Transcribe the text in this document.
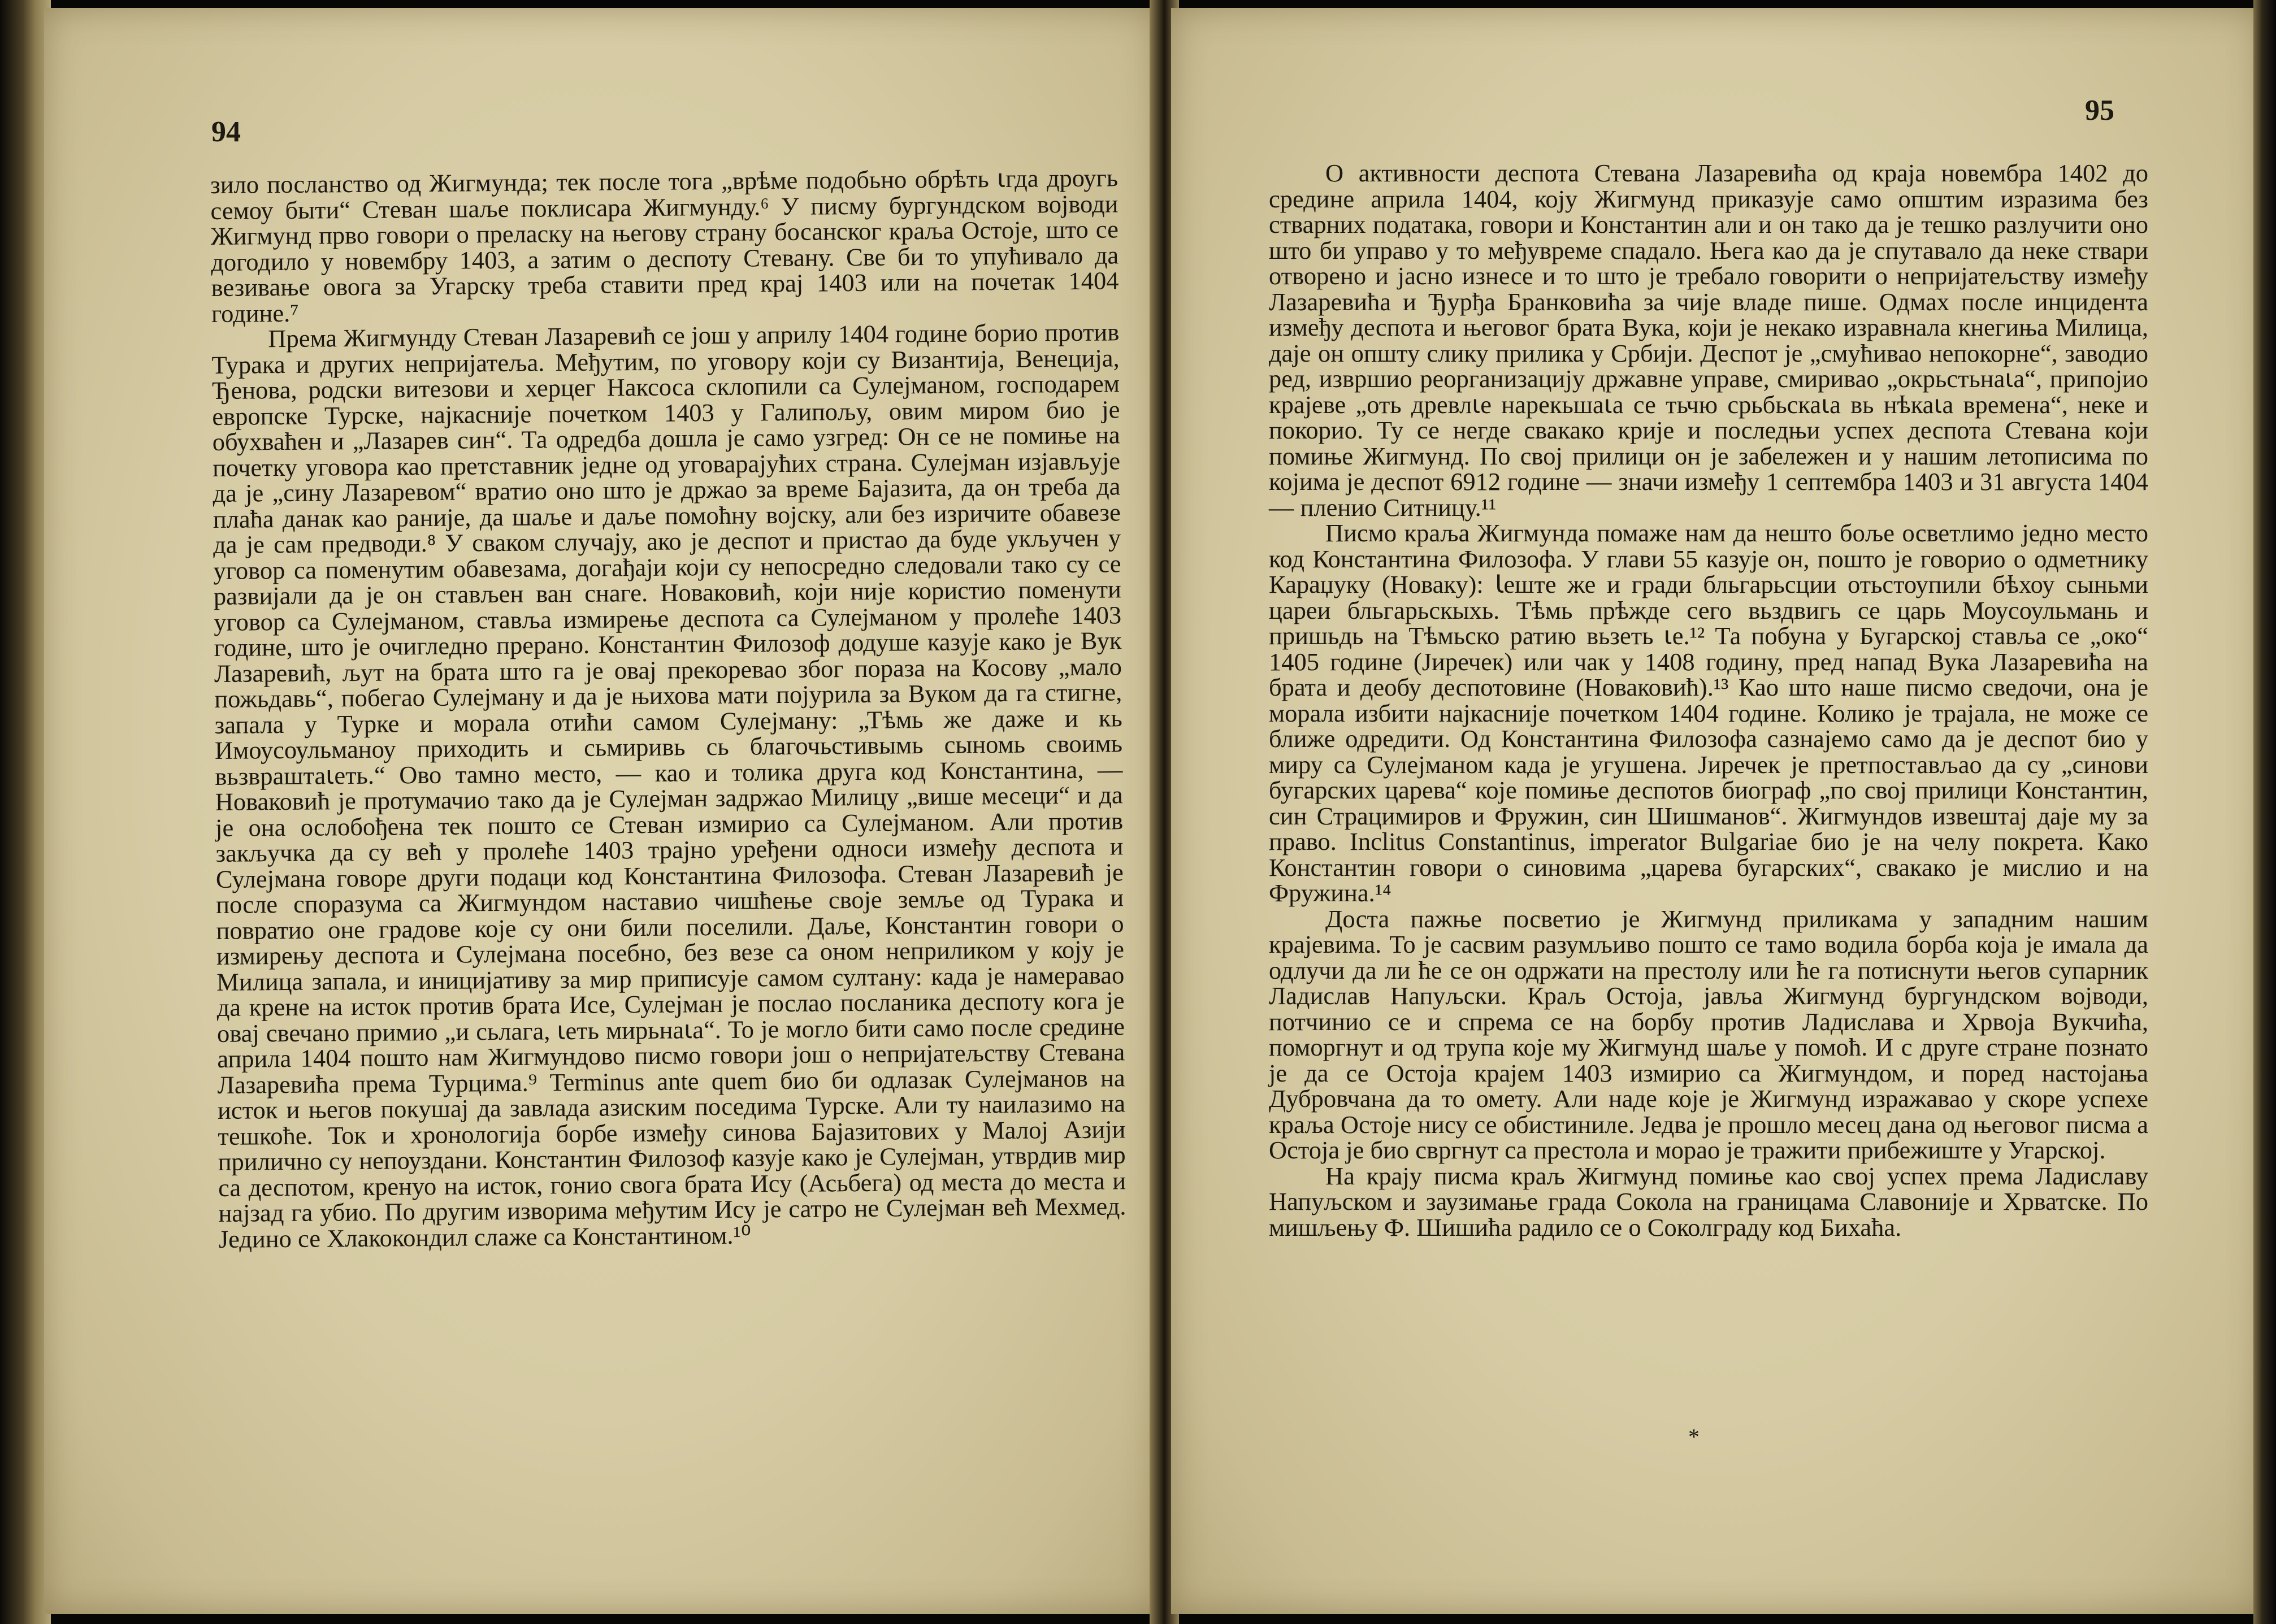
94

зило посланство од Жигмунда; тек после тога „врѣме подобьно обрѣть ꙇгда дроугь семоу быти“ Стеван шаље поклисара Жигмунду.⁶ У писму бургундском војводи Жигмунд прво говори о преласку на његову страну босанског краља Остоје, што се догодило у новембру 1403, а затим о деспоту Стевану. Све би то упућивало да везивање овога за Угарску треба ставити пред крај 1403 или на почетак 1404 године.⁷

Према Жигмунду Стеван Лазаревић се још у априлу 1404 године борио против Турака и других непријатеља. Међутим, по уговору који су Византија, Венеција, Ђенова, родски витезови и херцег Наксоса склопили са Сулејманом, господарем европске Турске, најкасније почетком 1403 у Галипољу, овим миром био је обухваћен и „Лазарев син“. Та одредба дошла је само узгред: Он се не помиње на почетку уговора као претставник једне од уговарајућих страна. Сулејман изјављује да је „сину Лазаревом“ вратио оно што је држао за време Бајазита, да он треба да плаћа данак као раније, да шаље и даље помоћну војску, али без изричите обавезе да је сам предводи.⁸ У сваком случају, ако је деспот и пристао да буде укључен у уговор са поменутим обавезама, догађаји који су непосредно следовали тако су се развијали да је он стављен ван снаге. Новаковић, који није користио поменути уговор са Сулејманом, стављa измирење деспота са Сулејманом у пролеће 1403 године, што је очигледно прерано. Константин Филозоф додуше казује како је Вук Лазаревић, љут на брата што га је овај прекоревао због пораза на Косову „мало пожьдавь“, побегао Сулејману и да је њихова мати појурила за Вуком да га стигне, запала у Турке и морала отићи самом Сулејману: „Тѣмь же даже и кь Имоусоульманоу приходить и сьмиривь сь благочьстивымь сыномь своимь вьзвраштаꙇеть.“ Ово тамно место, — као и толика друга код Константина, — Новаковић је протумачио тако да је Сулејман задржао Милицу „више месеци“ и да је она ослобођена тек пошто се Стеван измирио са Сулејманом. Али против закључка да су већ у пролеће 1403 трајно уређени односи између деспота и Сулејмана говоре други подаци код Константина Филозофа. Стеван Лазаревић је после споразума са Жигмундом наставио чишћење своје земље од Турака и повратио оне градове које су они били поселили. Даље, Константин говори о измирењу деспота и Сулејмана посебно, без везе са оном неприликом у коју је Милица запала, и иницијативу за мир приписује самом султану: када је намеравао да крене на исток против брата Исе, Сулејман је послао посланика деспоту кога је овај свечано примио „и сьлага, ꙇеть мирьнаꙇа“. То је могло бити само после средине априла 1404 пошто нам Жигмундово писмо говори још о непријатељству Стевана Лазаревића према Турцима.⁹ Terminus ante quem био би одлазак Сулејманов на исток и његов покушај да завлада азиским поседима Турске. Али ту наилазимо на тешкоће. Ток и хронологија борбе између синова Бајазитових у Малој Азији прилично су непоуздани. Константин Филозоф казује како је Сулејман, утврдив мир са деспотом, кренуо на исток, гонио свога брата Ису (Асьбега) од места до места и најзад га убио. По другим изворима међутим Ису је сатро не Сулејман већ Мехмед. Једино се Хлакокондил слаже са Константином.¹⁰

95

О активности деспота Стевана Лазаревића од краја новембра 1402 до средине априла 1404, коју Жигмунд приказује само општим изразима без стварних података, говори и Константин али и он тако да је тешко разлучити оно што би управо у то међувреме спадало. Њега као да је спутавало да неке ствари отворено и јасно изнесе и то што је требало говорити о непријатељству између Лазаревића и Ђурђа Бранковића за чије владе пише. Одмах после инцидента између деспота и његовог брата Вука, који је некако изравнала кнегиња Милица, даје он општу слику прилика у Србији. Деспот је „смућивао непокорне“, заводио ред, извршио реорганизацију државне управе, смиривао „окрьстьнаꙇа“, припојио крајеве „оть древлꙇе нарекьшаꙇа се тьчю срьбьскаꙇа вь нѣкаꙇа времена“, неке и покорио. Ту се негде свакако крије и последњи успех деспота Стевана који помиње Жигмунд. По свој прилици он је забележен и у нашим летописима по којима је деспот 6912 године — значи између 1 септембра 1403 и 31 августа 1404 — пленио Ситницу.¹¹

Писмо краља Жигмунда помаже нам да нешто боље осветлимо једно место код Константина Филозофа. У глави 55 казује он, пошто је говорио о одметнику Караџуку (Новаку): Ꙇеште же и гради бльгарьсции отьстоупили бѣхоу сыньми цареи бльгарьскыхь. Тѣмь прѣжде сего вьздвигь се царь Моусоульмань и пришьдь на Тѣмьско ратию вьзеть ꙇе.¹² Та побуна у Бугарској ставља се „око“ 1405 године (Јиречек) или чак у 1408 годину, пред напад Вука Лазаревића на брата и деобу деспотовине (Новаковић).¹³ Као што наше писмо сведочи, она је морала избити најкасније почетком 1404 године. Колико је трајала, не може се ближе одредити. Од Константина Филозофа сазнајемо само да је деспот био у миру са Сулејманом када је угушена. Јиречек је претпостављао да су „синови бугарских царева“ које помиње деспотов биограф „по свој прилици Константин, син Страцимиров и Фружин, син Шишманов“. Жигмундов извештај даје му за право. Inclitus Constantinus, imperator Bulgariae био је на челу покрета. Како Константин говори о синовима „царева бугарских“, свакако је мислио и на Фружина.¹⁴

Доста пажње посветио је Жигмунд приликама у западним нашим крајевима. То је сасвим разумљиво пошто се тамо водила борба која је имала да одлучи да ли ће се он одржати на престолу или ће га потиснути његов супарник Ладислав Напуљски. Краљ Остоја, јавља Жигмунд бургундском војводи, потчинио се и спрема се на борбу против Ладислава и Хрвоја Вукчића, поморгнут и од трупа које му Жигмунд шаље у помоћ. И с друге стране познато је да се Остоја крајем 1403 измирио са Жигмундом, и поред настојања Дубровчана да то омету. Али наде које је Жигмунд изражавао у скоре успехе краља Остоје нису се обистиниле. Једва је прошло месец дана од његовог писма а Остоја је био свргнут са престола и морао је тражити прибежиште у Угарској.

На крају писма краљ Жигмунд помиње као свој успех према Ладиславу Напуљском и заузимање града Сокола на границама Славоније и Хрватске. По мишљењу Ф. Шишића радило се о Соколграду код Бихаћа.

*
